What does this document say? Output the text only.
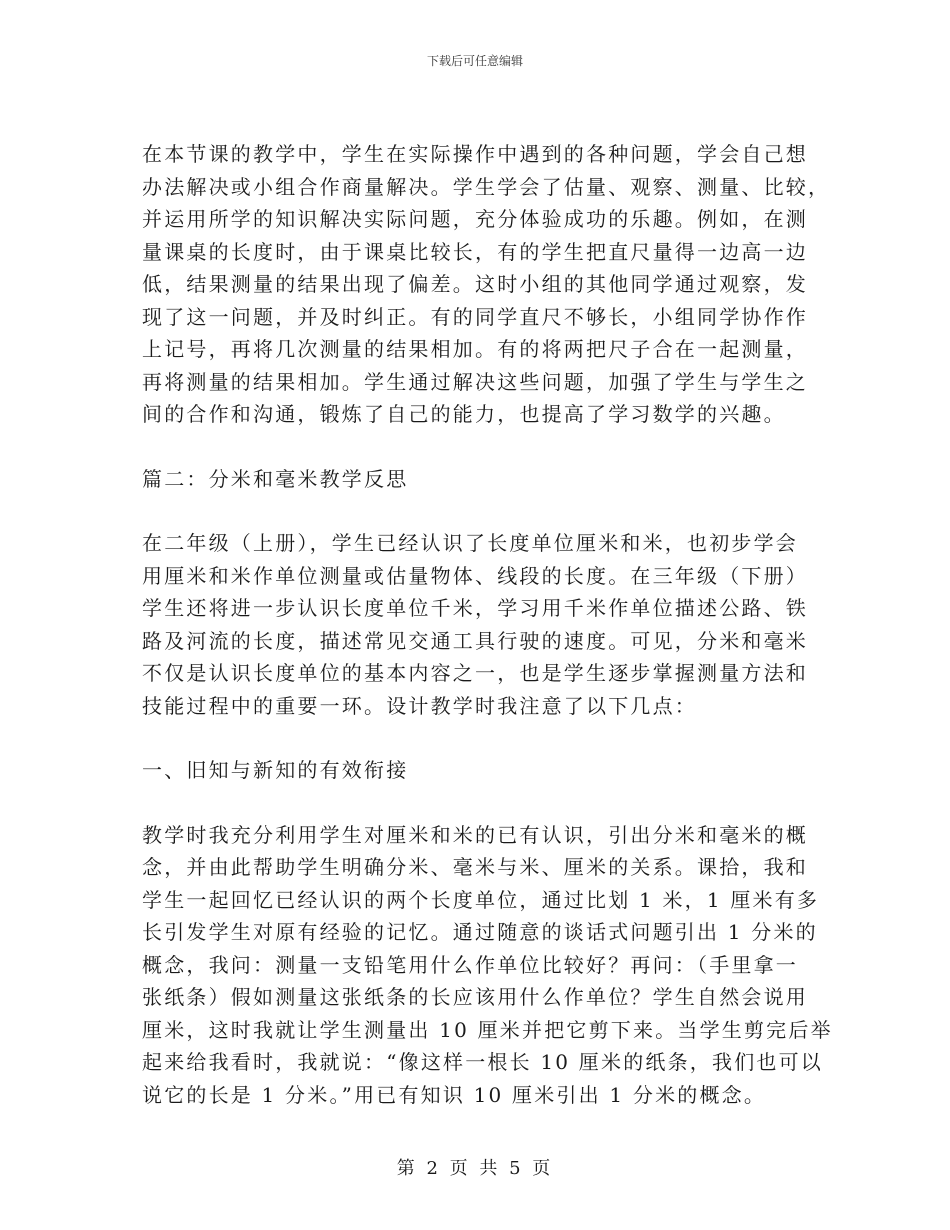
下载后可任意编辑

在本节课的教学中，学生在实际操作中遇到的各种问题，学会自己想
办法解决或小组合作商量解决。学生学会了估量、观察、测量、比较，
并运用所学的知识解决实际问题，充分体验成功的乐趣。例如，在测
量课桌的长度时，由于课桌比较长，有的学生把直尺量得一边高一边
低，结果测量的结果出现了偏差。这时小组的其他同学通过观察，发
现了这一问题，并及时纠正。有的同学直尺不够长，小组同学协作作
上记号，再将几次测量的结果相加。有的将两把尺子合在一起测量，
再将测量的结果相加。学生通过解决这些问题，加强了学生与学生之
间的合作和沟通，锻炼了自己的能力，也提高了学习数学的兴趣。

篇二：分米和毫米教学反思

在二年级（上册），学生已经认识了长度单位厘米和米，也初步学会
用厘米和米作单位测量或估量物体、线段的长度。在三年级（下册）
学生还将进一步认识长度单位千米，学习用千米作单位描述公路、铁
路及河流的长度，描述常见交通工具行驶的速度。可见，分米和毫米
不仅是认识长度单位的基本内容之一，也是学生逐步掌握测量方法和
技能过程中的重要一环。设计教学时我注意了以下几点：

一、旧知与新知的有效衔接

教学时我充分利用学生对厘米和米的已有认识，引出分米和毫米的概
念，并由此帮助学生明确分米、毫米与米、厘米的关系。课拾，我和
学生一起回忆已经认识的两个长度单位，通过比划 1 米，1 厘米有多
长引发学生对原有经验的记忆。通过随意的谈话式问题引出 1 分米的
概念，我问：测量一支铅笔用什么作单位比较好？再问：（手里拿一
张纸条）假如测量这张纸条的长应该用什么作单位？学生自然会说用
厘米，这时我就让学生测量出 10 厘米并把它剪下来。当学生剪完后举
起来给我看时，我就说：“像这样一根长 10 厘米的纸条，我们也可以
说它的长是 1 分米。”用已有知识 10 厘米引出 1 分米的概念。

第 2 页 共 5 页
